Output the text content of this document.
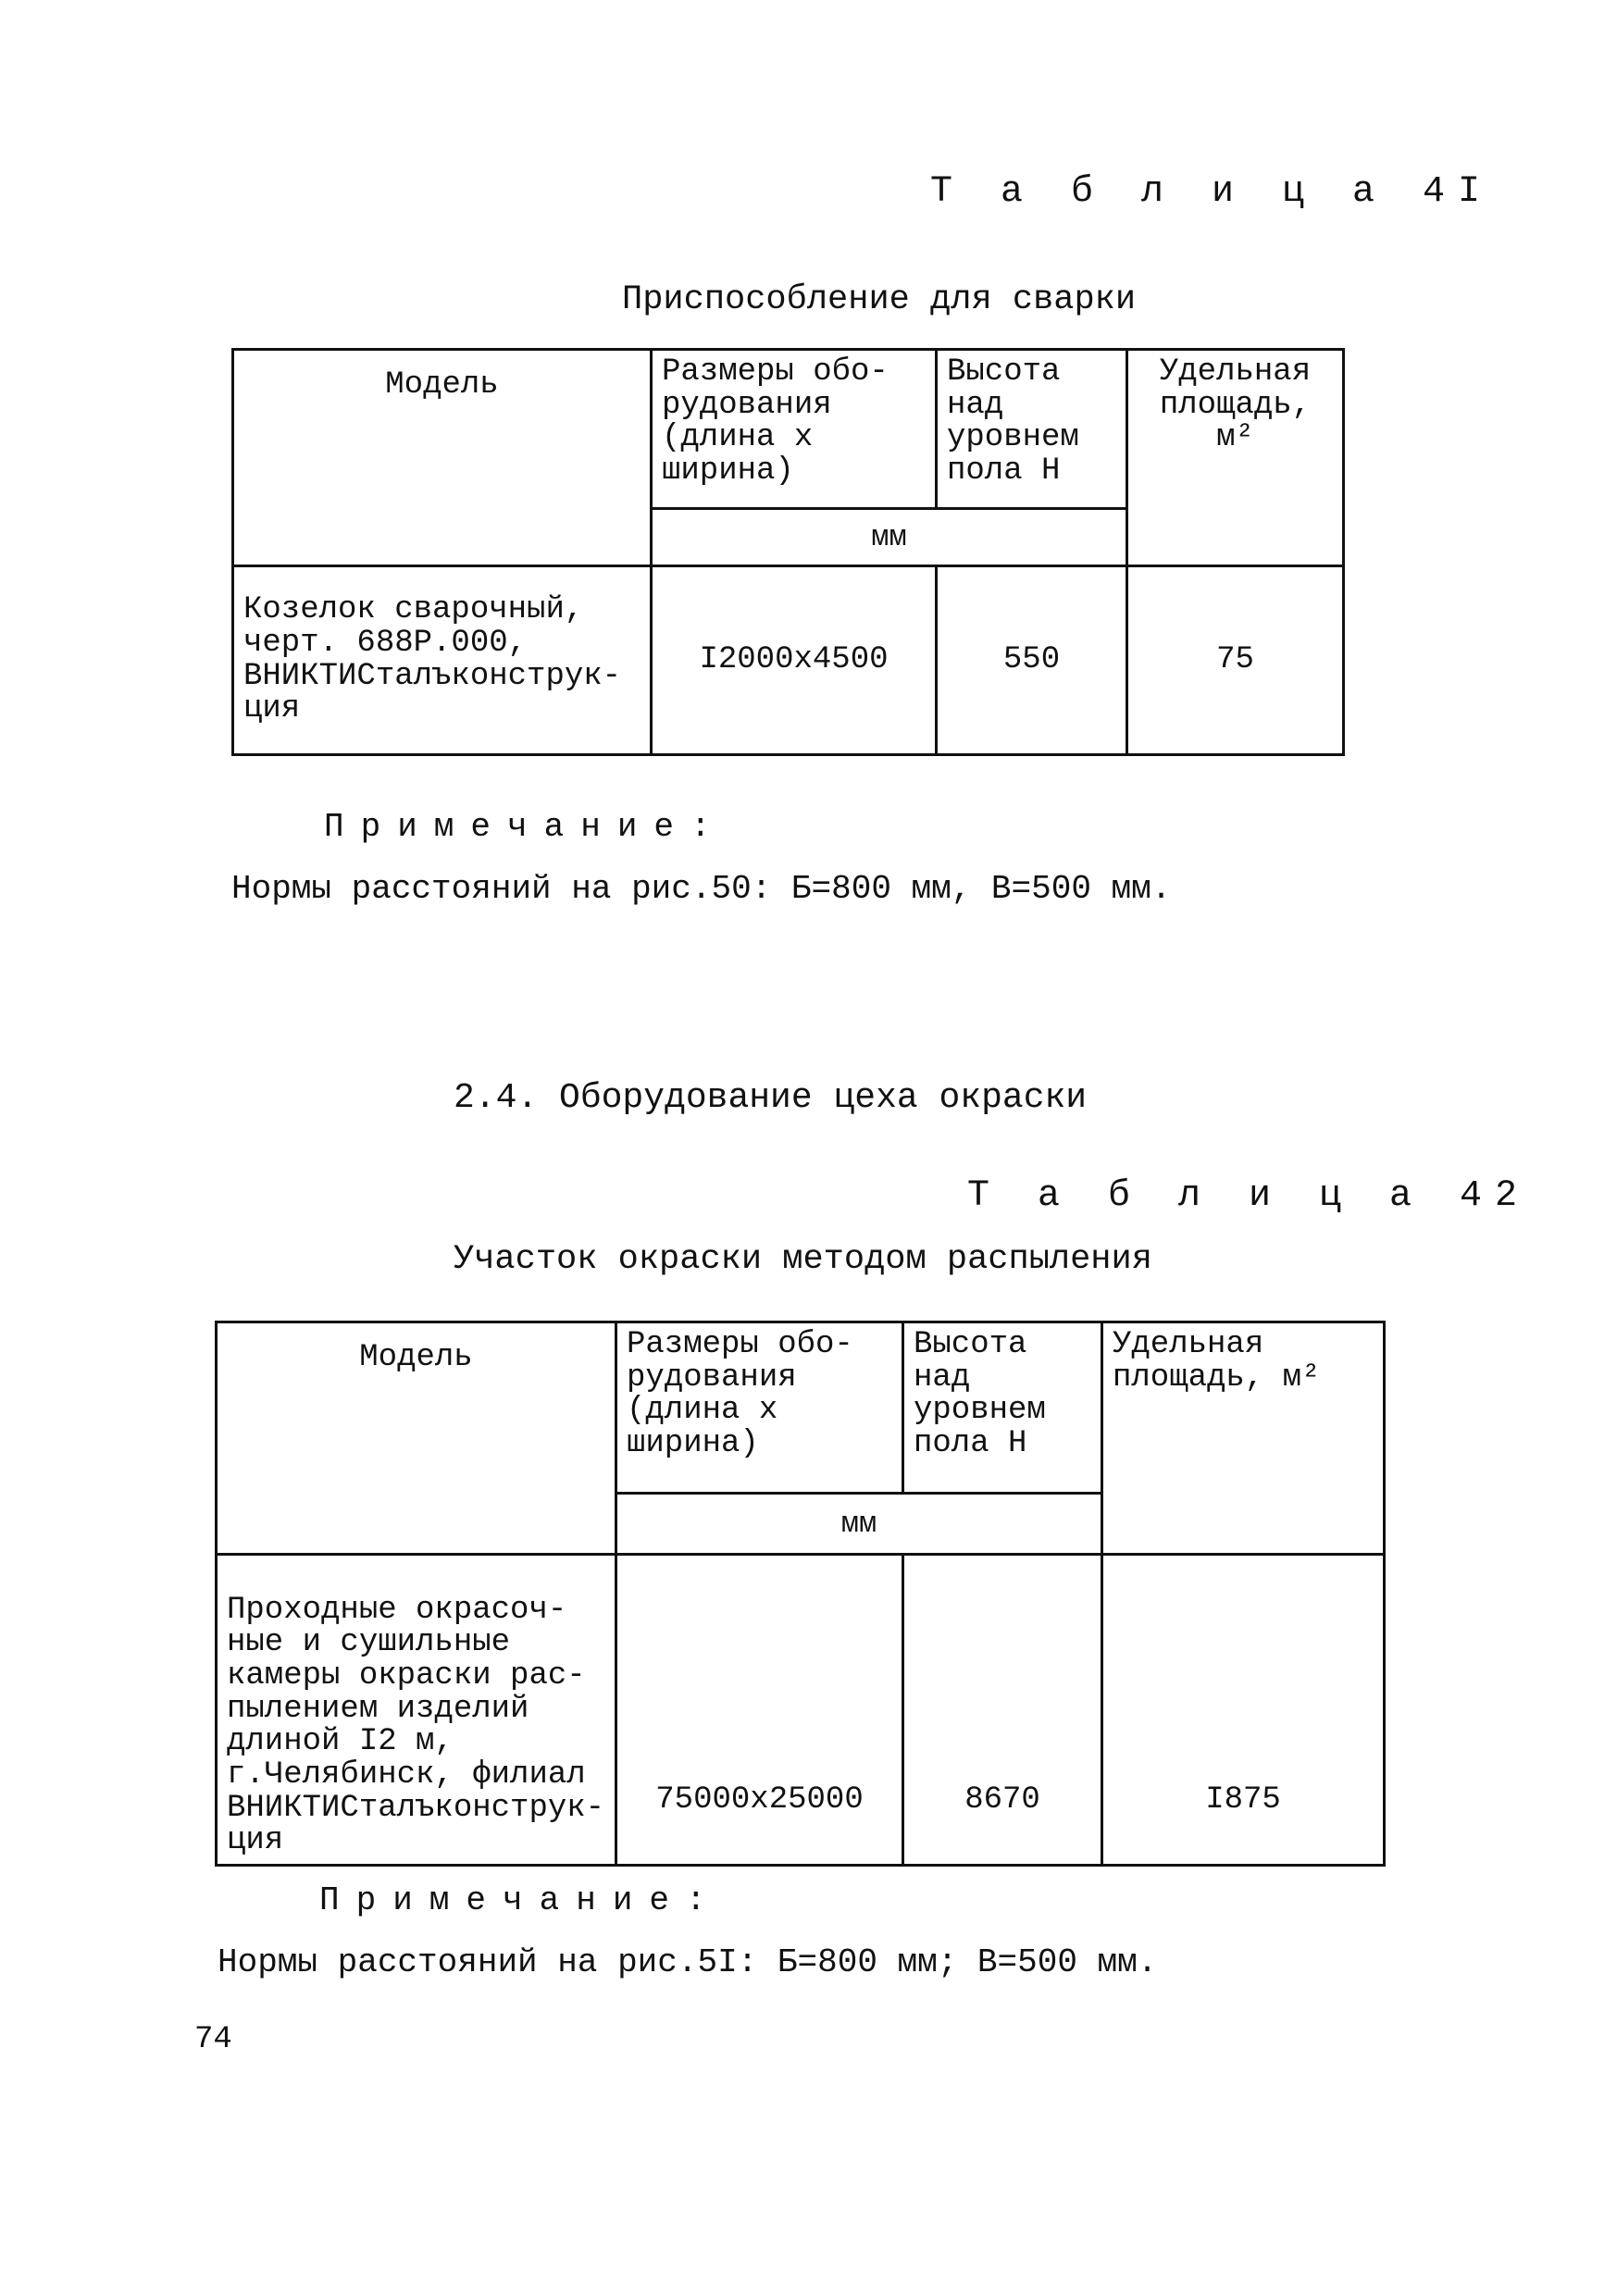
Т а б л и ц а 4I
Приспособление для сварки
Модель	Размеры обо-рудования (длина х ширина)	Высота над уровнем пола Н	Удельная площадь, м²
	мм		
Козелок сварочный, черт. 688Р.000, ВНИКТИСталъконструк-ция	I2000x4500	550	75
Примечание:
Нормы расстояний на рис.50: Б=800 мм, В=500 мм.
2.4. Оборудование цеха окраски
Т а б л и ц а 42
Участок окраски методом распыления
Модель	Размеры обо-рудования (длина х ширина)	Высота над уровнем пола Н	Удельная площадь, м²
	мм		
Проходные окрасоч-ные и сушильные камеры окраски рас-пылением изделий длиной I2 м, г.Челябинск, филиал ВНИКТИСталъконструк-ция	75000x25000	8670	I875
Примечание:
Нормы расстояний на рис.5I: Б=800 мм; В=500 мм.
74
